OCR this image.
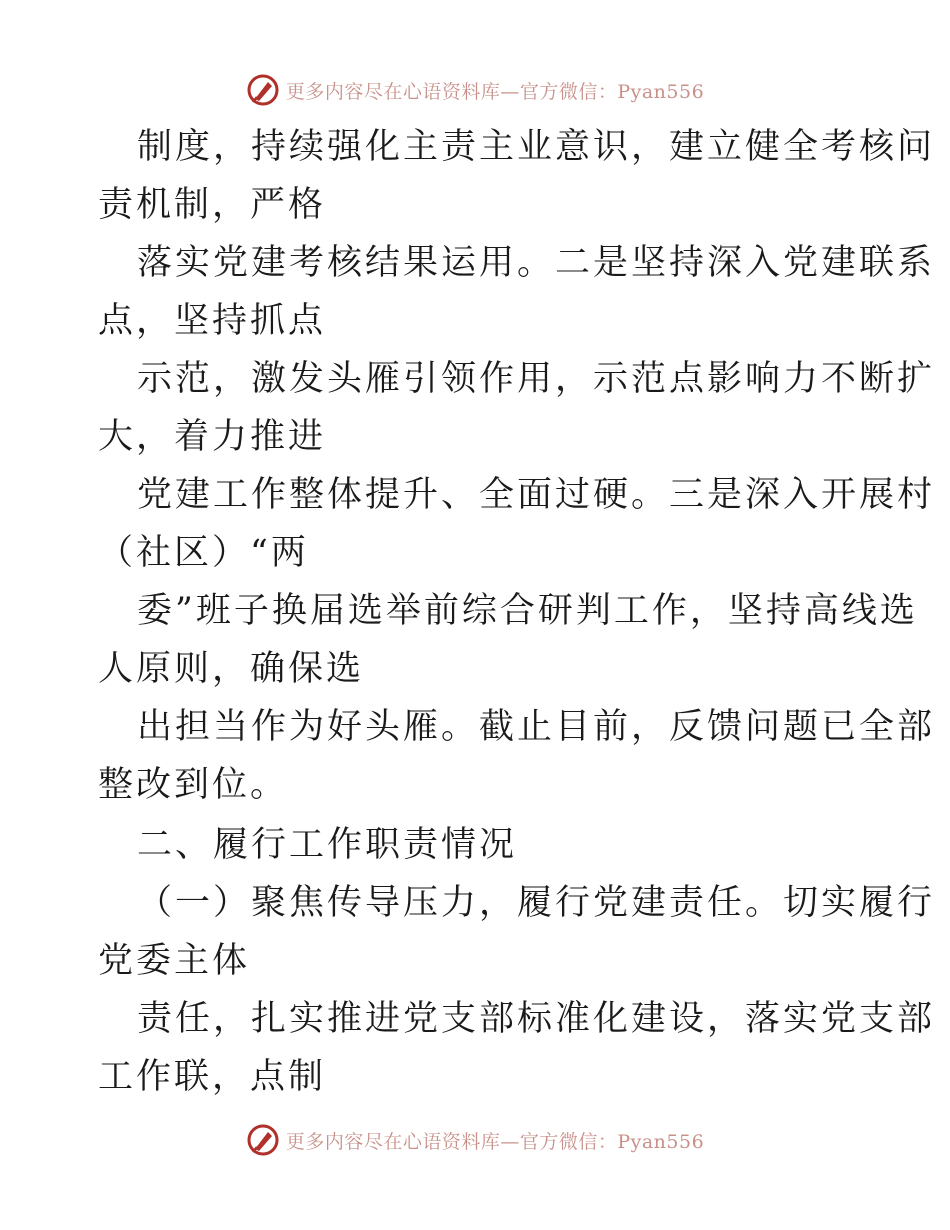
更多内容尽在心语资料库—官方微信：Pyan556
制度，持续强化主责主业意识，建立健全考核问
责机制，严格
落实党建考核结果运用。二是坚持深入党建联系
点，坚持抓点
示范，激发头雁引领作用，示范点影响力不断扩
大，着力推进
党建工作整体提升、全面过硬。三是深入开展村
（社区）“两
委”班子换届选举前综合研判工作，坚持高线选
人原则，确保选
出担当作为好头雁。截止目前，反馈问题已全部
整改到位。
二、履行工作职责情况
（一）聚焦传导压力，履行党建责任。切实履行
党委主体
责任，扎实推进党支部标准化建设，落实党支部
工作联，点制
更多内容尽在心语资料库—官方微信：Pyan556
